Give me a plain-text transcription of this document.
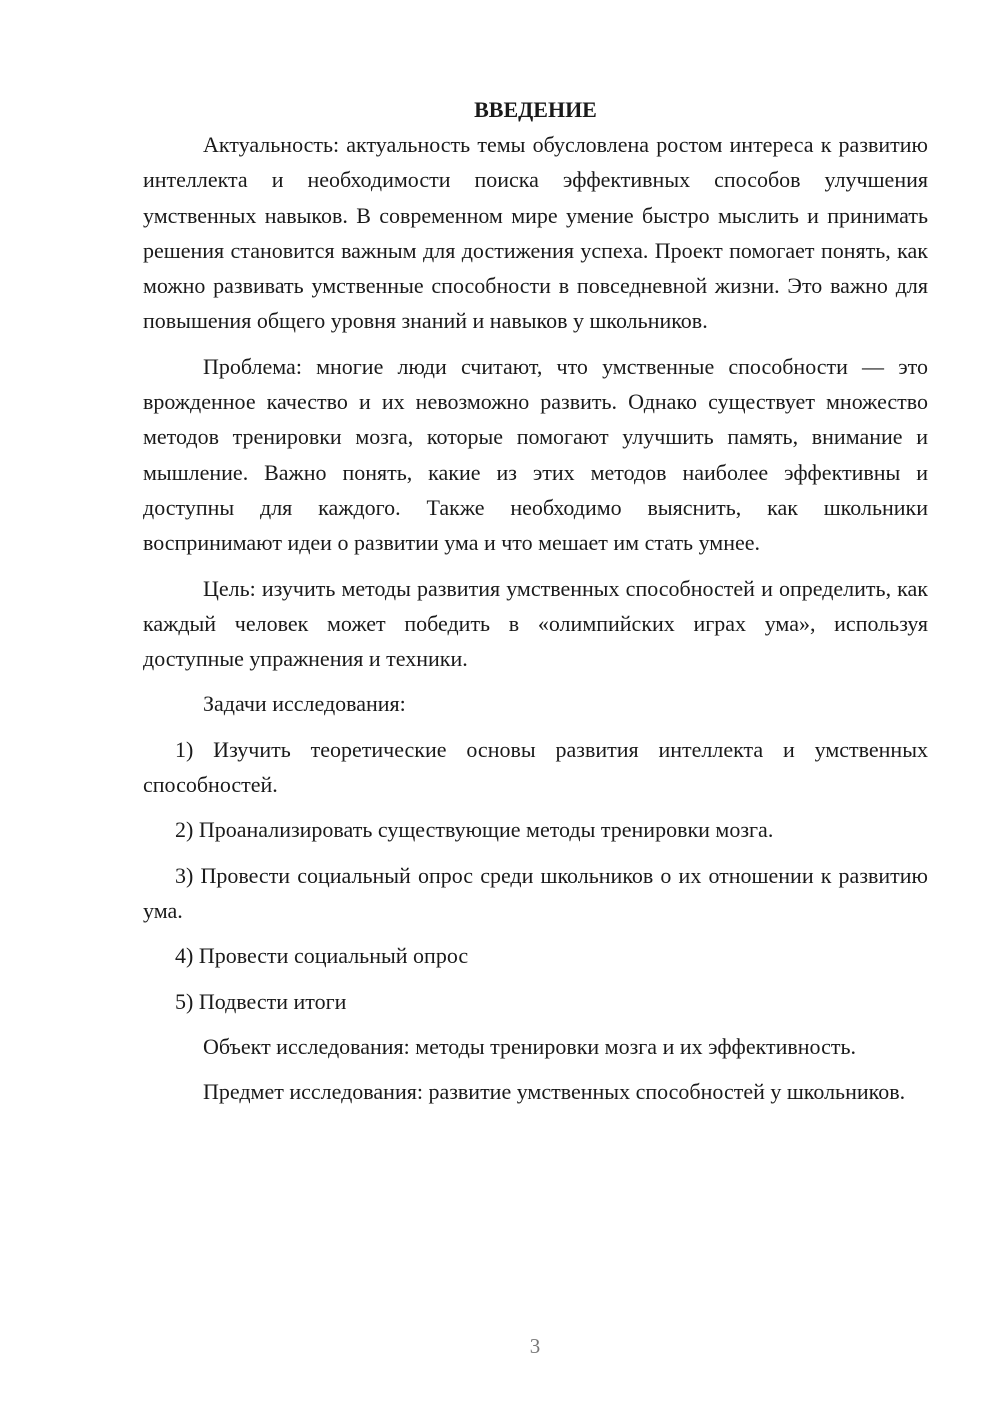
ВВЕДЕНИЕ

Актуальность: актуальность темы обусловлена ростом интереса к развитию интеллекта и необходимости поиска эффективных способов улучшения умственных навыков. В современном мире умение быстро мыслить и принимать решения становится важным для достижения успеха. Проект помогает понять, как можно развивать умственные способности в повседневной жизни. Это важно для повышения общего уровня знаний и навыков у школьников.

Проблема: многие люди считают, что умственные способности — это врожденное качество и их невозможно развить. Однако существует множество методов тренировки мозга, которые помогают улучшить память, внимание и мышление. Важно понять, какие из этих методов наиболее эффективны и доступны для каждого. Также необходимо выяснить, как школьники воспринимают идеи о развитии ума и что мешает им стать умнее.

Цель: изучить методы развития умственных способностей и определить, как каждый человек может победить в «олимпийских играх ума», используя доступные упражнения и техники.

Задачи исследования:

1) Изучить теоретические основы развития интеллекта и умственных способностей.

2) Проанализировать существующие методы тренировки мозга.

3) Провести социальный опрос среди школьников о их отношении к развитию ума.

4) Провести социальный опрос

5) Подвести итоги

Объект исследования: методы тренировки мозга и их эффективность.

Предмет исследования: развитие умственных способностей у школьников.

3
